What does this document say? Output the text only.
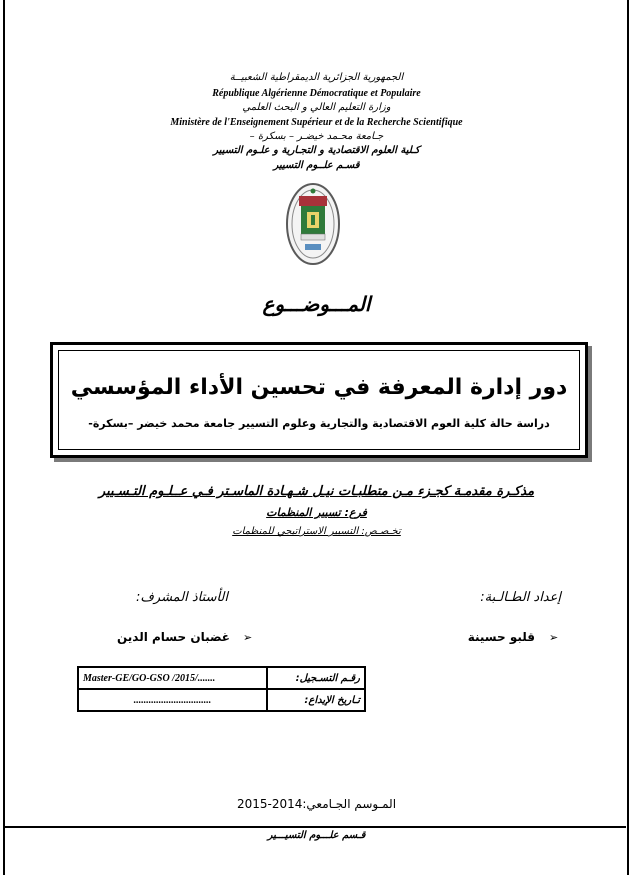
الجمهورية الجزائرية الديمقراطية الشعبيــة
République Algérienne Démocratique et Populaire
وزارة التعليم العالي و البحث العلمي
Ministère de l'Enseignement Supérieur et de la Recherche Scientifique
جـامعة محـمد خيضـر – بسكرة –
كـلية العلوم الاقتصادية و التجـارية و علـوم التسيير
قسـم علــوم التسيير
المـــوضـــوع
دور إدارة المعرفة في تحسين الأداء المؤسسي
دراسة حالة كلية العوم الاقتصادية والتجارية وعلوم التسيير جامعة محمد خيضر –بسكرة-
مذكـرة مقدمـة كجـزء مـن متطلبـات نيـل شـهـادة الماسـتر فـي عــلـوم التـسـيير
فرع: تسيير المنظمات
تخـصـص: التسيير الاستراتيجي للمنظمات
إعداد الطـالـبة:
الأستاذ المشرف:
➢
قلبو حسينة
➢
غضبان حسام الدين
Master-GE/GO-GSO /2015/.......	رقـم التسـجيل:
...............................	تـاريخ الإيداع:
المـوسم الجـامعي:2014-2015
قـسم علـــوم التسيـــير
